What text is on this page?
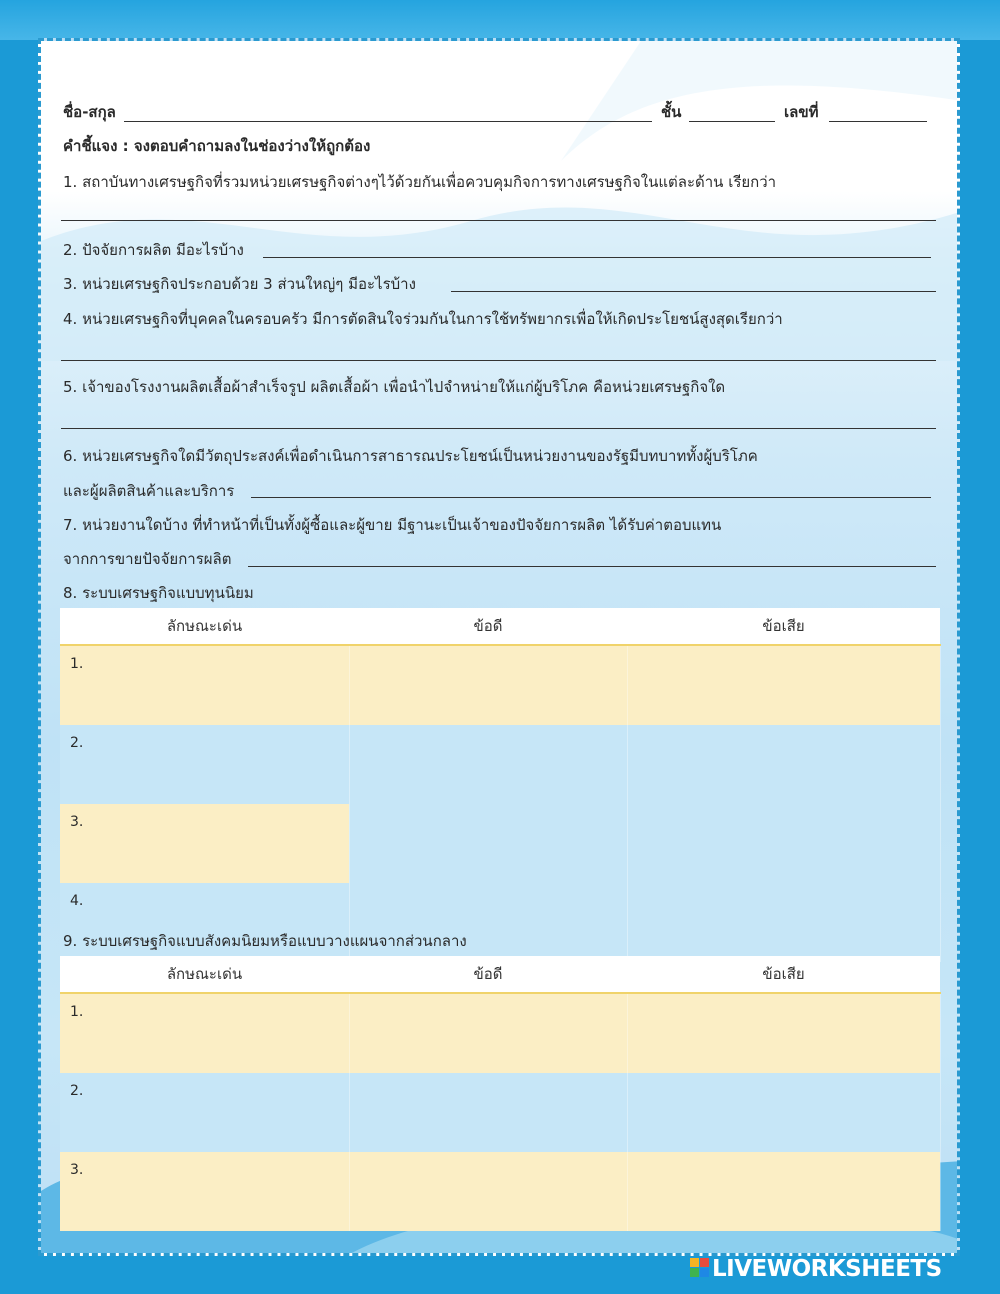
ชื่อ-สกุล	ชั้น	เลขที่
คำชี้แจง : จงตอบคำถามลงในช่องว่างให้ถูกต้อง
1. สถาบันทางเศรษฐกิจที่รวมหน่วยเศรษฐกิจต่างๆไว้ด้วยกันเพื่อควบคุมกิจการทางเศรษฐกิจในแต่ละด้าน เรียกว่า
2. ปัจจัยการผลิต มีอะไรบ้าง
3. หน่วยเศรษฐกิจประกอบด้วย 3 ส่วนใหญ่ๆ มีอะไรบ้าง
4. หน่วยเศรษฐกิจที่บุคคลในครอบครัว มีการตัดสินใจร่วมกันในการใช้ทรัพยากรเพื่อให้เกิดประโยชน์สูงสุดเรียกว่า
5. เจ้าของโรงงานผลิตเสื้อผ้าสำเร็จรูป ผลิตเสื้อผ้า เพื่อนำไปจำหน่ายให้แก่ผู้บริโภค คือหน่วยเศรษฐกิจใด
6. หน่วยเศรษฐกิจใดมีวัตถุประสงค์เพื่อดำเนินการสาธารณประโยชน์เป็นหน่วยงานของรัฐมีบทบาททั้งผู้บริโภค
และผู้ผลิตสินค้าและบริการ
7. หน่วยงานใดบ้าง ที่ทำหน้าที่เป็นทั้งผู้ซื้อและผู้ขาย มีฐานะเป็นเจ้าของปัจจัยการผลิต ได้รับค่าตอบแทน
จากการขายปัจจัยการผลิต
8. ระบบเศรษฐกิจแบบทุนนิยม
ลักษณะเด่น	ข้อดี	ข้อเสีย
1.		
2.		
3.		
4.		
9. ระบบเศรษฐกิจแบบสังคมนิยมหรือแบบวางแผนจากส่วนกลาง
ลักษณะเด่น	ข้อดี	ข้อเสีย
1.		
2.		
3.		
LIVEWORKSHEETS
